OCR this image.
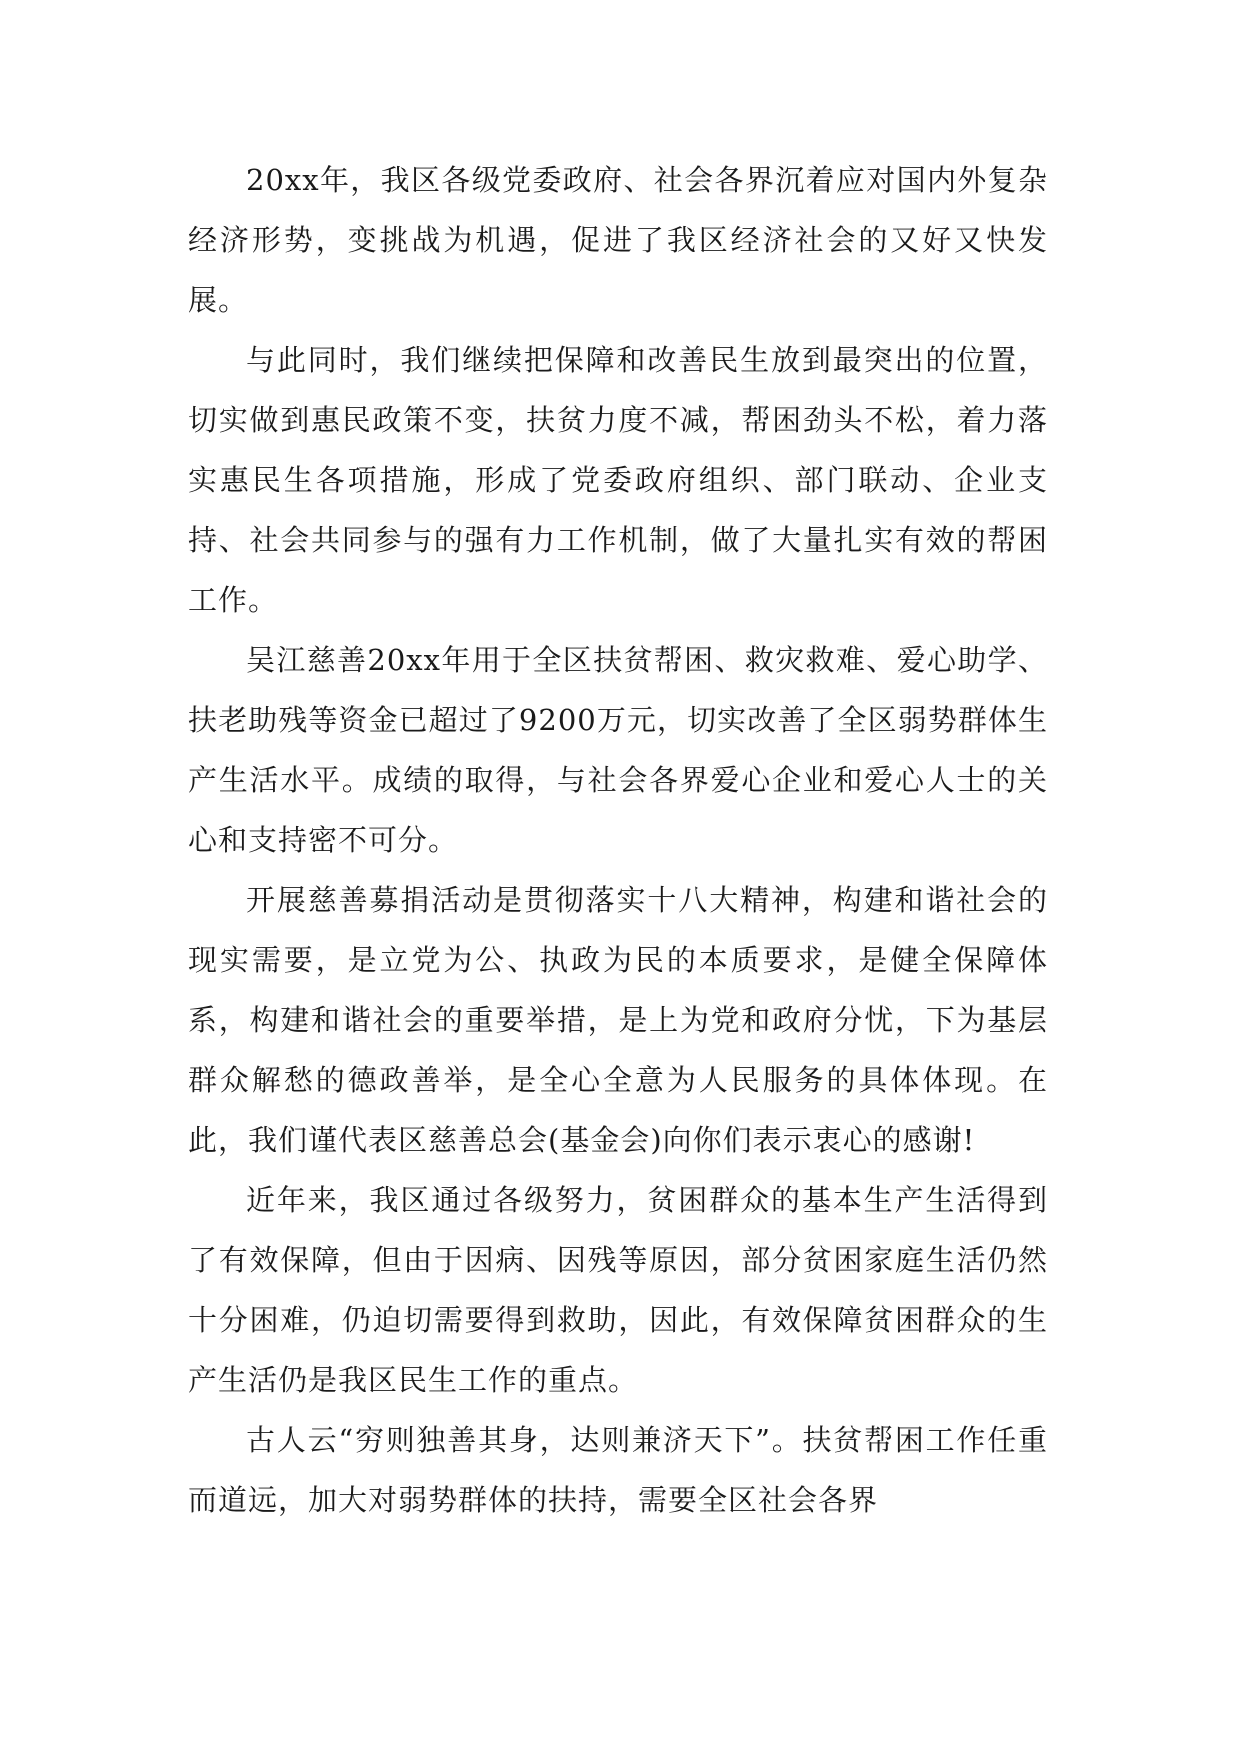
20xx年，我区各级党委政府、社会各界沉着应对国内外复杂经济形势，变挑战为机遇，促进了我区经济社会的又好又快发展。

与此同时，我们继续把保障和改善民生放到最突出的位置，切实做到惠民政策不变，扶贫力度不减，帮困劲头不松，着力落实惠民生各项措施，形成了党委政府组织、部门联动、企业支持、社会共同参与的强有力工作机制，做了大量扎实有效的帮困工作。

吴江慈善20xx年用于全区扶贫帮困、救灾救难、爱心助学、扶老助残等资金已超过了9200万元，切实改善了全区弱势群体生产生活水平。成绩的取得，与社会各界爱心企业和爱心人士的关心和支持密不可分。

开展慈善募捐活动是贯彻落实十八大精神，构建和谐社会的现实需要，是立党为公、执政为民的本质要求，是健全保障体系，构建和谐社会的重要举措，是上为党和政府分忧，下为基层群众解愁的德政善举，是全心全意为人民服务的具体体现。在此，我们谨代表区慈善总会(基金会)向你们表示衷心的感谢!

近年来，我区通过各级努力，贫困群众的基本生产生活得到了有效保障，但由于因病、因残等原因，部分贫困家庭生活仍然十分困难，仍迫切需要得到救助，因此，有效保障贫困群众的生产生活仍是我区民生工作的重点。

古人云“穷则独善其身，达则兼济天下”。扶贫帮困工作任重而道远，加大对弱势群体的扶持，需要全区社会各界
